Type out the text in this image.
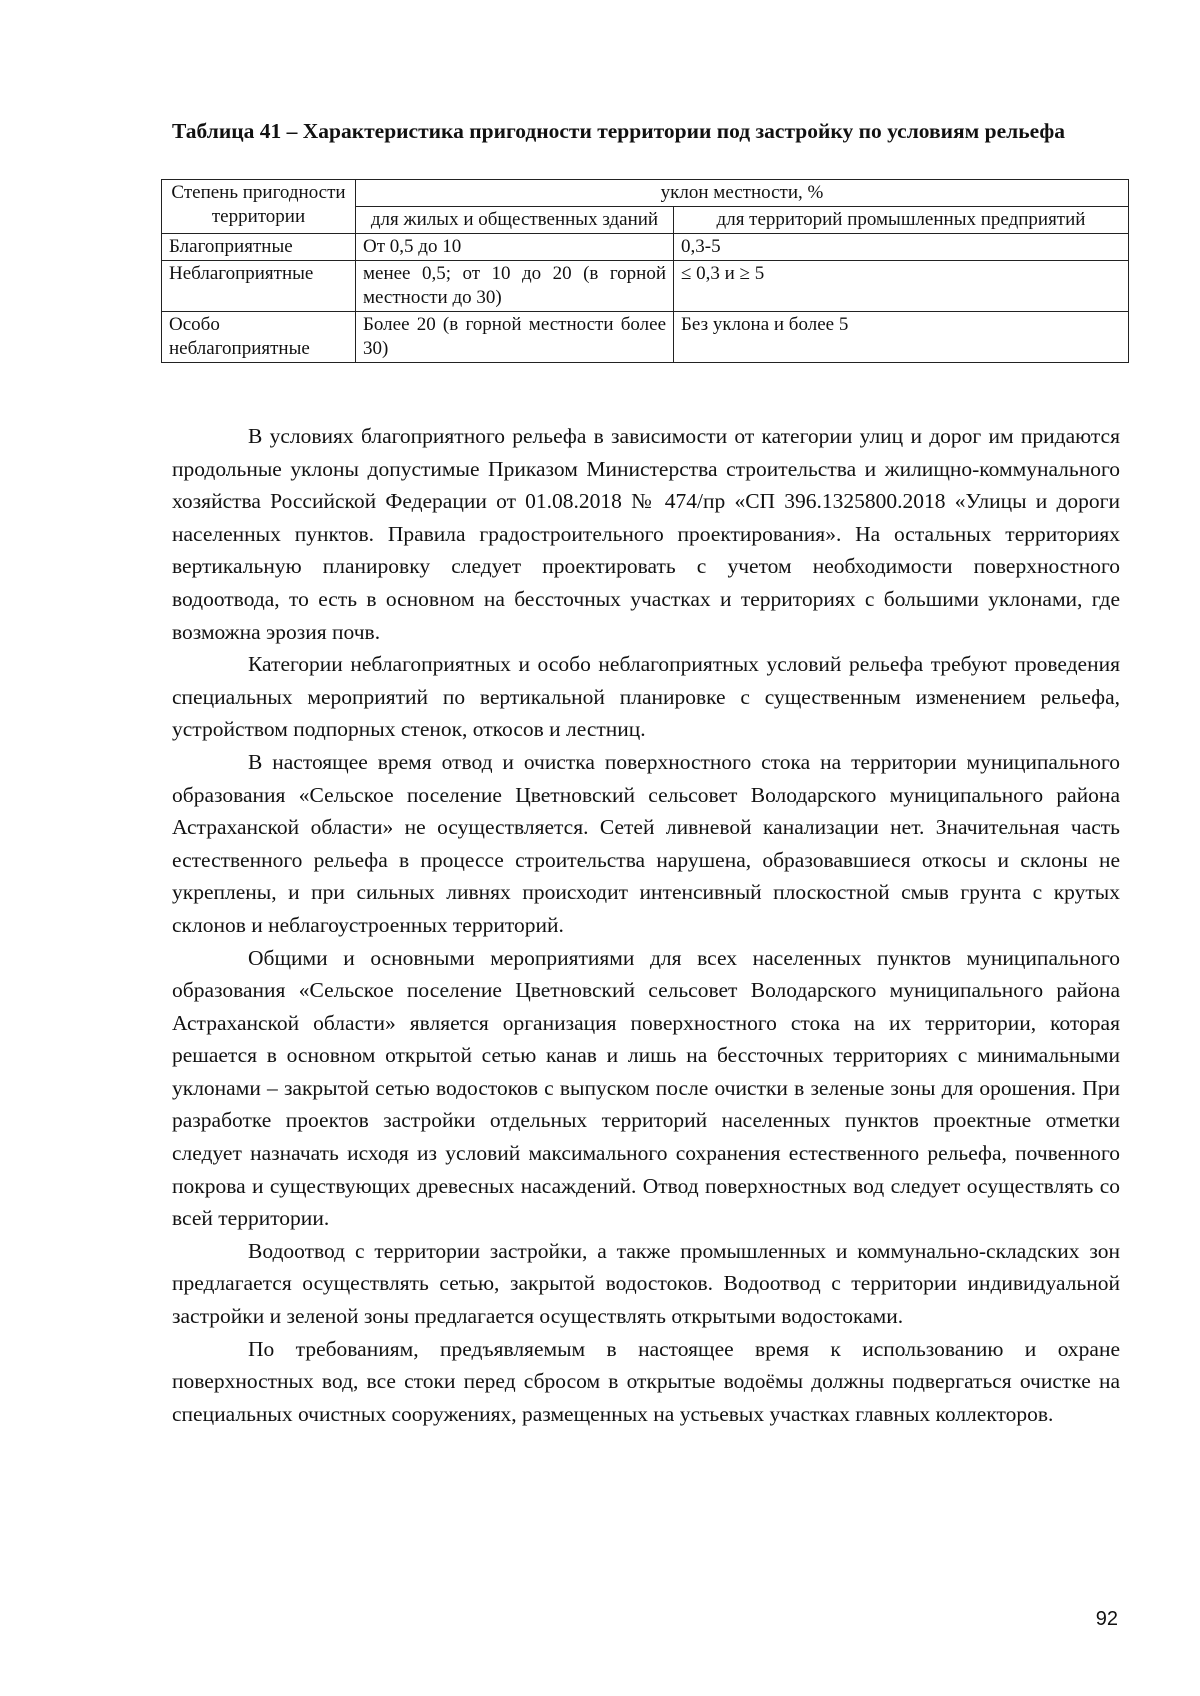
Таблица 41 – Характеристика пригодности территории под застройку по условиям рельефа
Степень пригодности территории	уклон местности, %	
	для жилых и общественных зданий	для территорий промышленных предприятий
Благоприятные	От 0,5 до 10	0,3-5
Неблагоприятные	менее 0,5; от 10 до 20 (в горной местности до 30)	≤ 0,3 и ≥ 5
Особо неблагоприятные	Более 20 (в горной местности более 30)	Без уклона и более 5

В условиях благоприятного рельефа в зависимости от категории улиц и дорог им придаются продольные уклоны допустимые Приказом Министерства строительства и жилищно-коммунального хозяйства Российской Федерации от 01.08.2018 № 474/пр «СП 396.1325800.2018 «Улицы и дороги населенных пунктов. Правила градостроительного проектирования». На остальных территориях вертикальную планировку следует проектировать с учетом необходимости поверхностного водоотвода, то есть в основном на бессточных участках и территориях с большими уклонами, где возможна эрозия почв.

Категории неблагоприятных и особо неблагоприятных условий рельефа требуют проведения специальных мероприятий по вертикальной планировке с существенным изменением рельефа, устройством подпорных стенок, откосов и лестниц.

В настоящее время отвод и очистка поверхностного стока на территории муниципального образования «Сельское поселение Цветновский сельсовет Володарского муниципального района Астраханской области» не осуществляется. Сетей ливневой канализации нет. Значительная часть естественного рельефа в процессе строительства нарушена, образовавшиеся откосы и склоны не укреплены, и при сильных ливнях происходит интенсивный плоскостной смыв грунта с крутых склонов и неблагоустроенных территорий.

Общими и основными мероприятиями для всех населенных пунктов муниципального образования «Сельское поселение Цветновский сельсовет Володарского муниципального района Астраханской области» является организация поверхностного стока на их территории, которая решается в основном открытой сетью канав и лишь на бессточных территориях с минимальными уклонами – закрытой сетью водостоков с выпуском после очистки в зеленые зоны для орошения. При разработке проектов застройки отдельных территорий населенных пунктов проектные отметки следует назначать исходя из условий максимального сохранения естественного рельефа, почвенного покрова и существующих древесных насаждений. Отвод поверхностных вод следует осуществлять со всей территории.

Водоотвод с территории застройки, а также промышленных и коммунально-складских зон предлагается осуществлять сетью, закрытой водостоков. Водоотвод с территории индивидуальной застройки и зеленой зоны предлагается осуществлять открытыми водостоками.

По требованиям, предъявляемым в настоящее время к использованию и охране поверхностных вод, все стоки перед сбросом в открытые водоёмы должны подвергаться очистке на специальных очистных сооружениях, размещенных на устьевых участках главных коллекторов.

92
